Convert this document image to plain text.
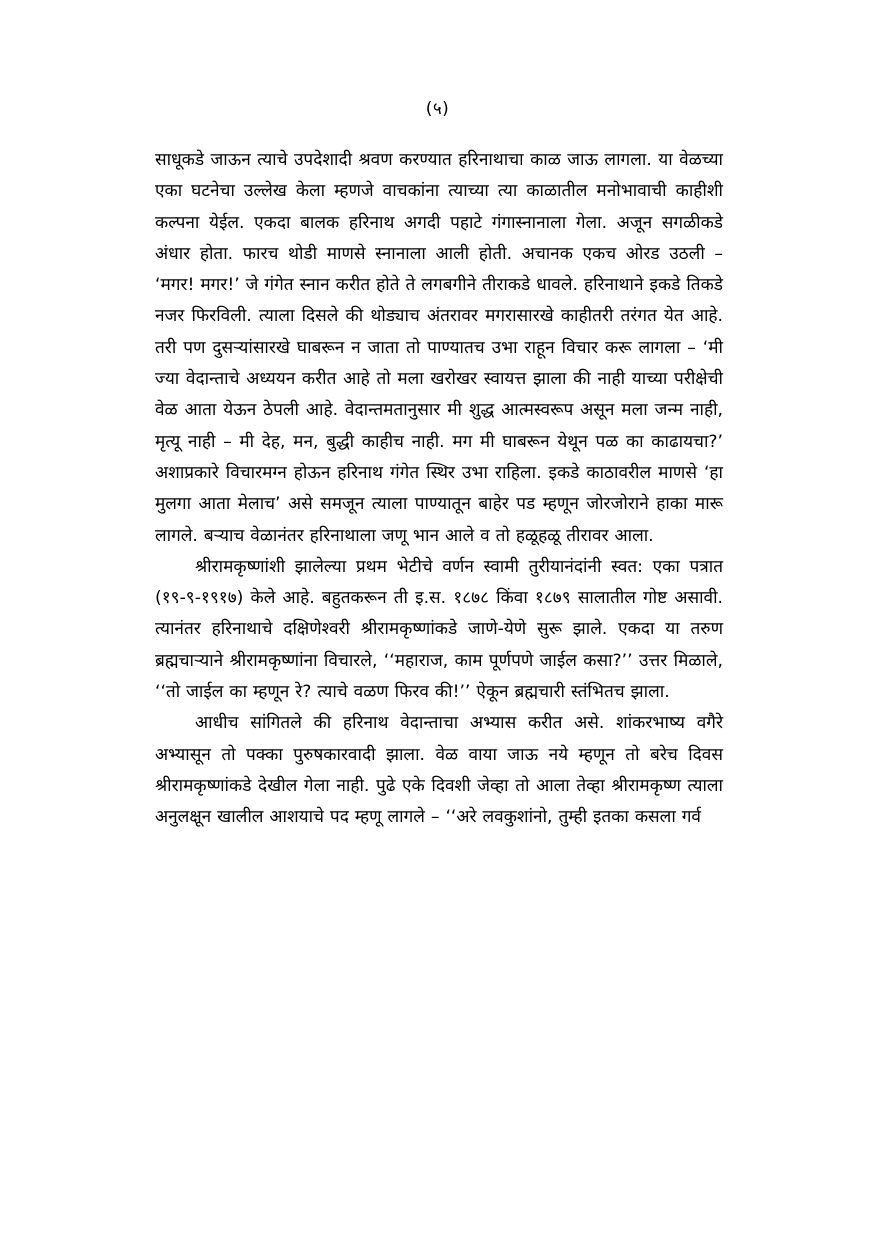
(५)

साधूकडे जाऊन त्याचे उपदेशादी श्रवण करण्यात हरिनाथाचा काळ जाऊ लागला. या वेळच्या एका घटनेचा उल्लेख केला म्हणजे वाचकांना त्याच्या त्या काळातील मनोभावाची काहीशी कल्पना येईल. एकदा बालक हरिनाथ अगदी पहाटे गंगास्नानाला गेला. अजून सगळीकडे अंधार होता. फारच थोडी माणसे स्नानाला आली होती. अचानक एकच ओरड उठली – ‘मगर! मगर!’ जे गंगेत स्नान करीत होते ते लगबगीने तीराकडे धावले. हरिनाथाने इकडे तिकडे नजर फिरविली. त्याला दिसले की थोड्याच अंतरावर मगरासारखे काहीतरी तरंगत येत आहे. तरी पण दुसऱ्यांसारखे घाबरून न जाता तो पाण्यातच उभा राहून विचार करू लागला – ‘मी ज्या वेदान्ताचे अध्ययन करीत आहे तो मला खरोखर स्वायत्त झाला की नाही याच्या परीक्षेची वेळ आता येऊन ठेपली आहे. वेदान्तमतानुसार मी शुद्ध आत्मस्वरूप असून मला जन्म नाही, मृत्यू नाही – मी देह, मन, बुद्धी काहीच नाही. मग मी घाबरून येथून पळ का काढायचा?’ अशाप्रकारे विचारमग्न होऊन हरिनाथ गंगेत स्थिर उभा राहिला. इकडे काठावरील माणसे ‘हा मुलगा आता मेलाच’ असे समजून त्याला पाण्यातून बाहेर पड म्हणून जोरजोराने हाका मारू लागले. बऱ्याच वेळानंतर हरिनाथाला जणू भान आले व तो हळूहळू तीरावर आला.

श्रीरामकृष्णांशी झालेल्या प्रथम भेटीचे वर्णन स्वामी तुरीयानंदांनी स्वत: एका पत्रात (१९-९-१९१७) केले आहे. बहुतकरून ती इ.स. १८७८ किंवा १८७९ सालातील गोष्ट असावी. त्यानंतर हरिनाथाचे दक्षिणेश्वरी श्रीरामकृष्णांकडे जाणे-येणे सुरू झाले. एकदा या तरुण ब्रह्मचाऱ्याने श्रीरामकृष्णांना विचारले, ‘‘महाराज, काम पूर्णपणे जाईल कसा?’’ उत्तर मिळाले, ‘‘तो जाईल का म्हणून रे? त्याचे वळण फिरव की!’’ ऐकून ब्रह्मचारी स्तंभितच झाला.

आधीच सांगितले की हरिनाथ वेदान्ताचा अभ्यास करीत असे. शांकरभाष्य वगैरे अभ्यासून तो पक्का पुरुषकारवादी झाला. वेळ वाया जाऊ नये म्हणून तो बरेच दिवस श्रीरामकृष्णांकडे देखील गेला नाही. पुढे एके दिवशी जेव्हा तो आला तेव्हा श्रीरामकृष्ण त्याला अनुलक्षून खालील आशयाचे पद म्हणू लागले – ‘‘अरे लवकुशांनो, तुम्ही इतका कसला गर्व
